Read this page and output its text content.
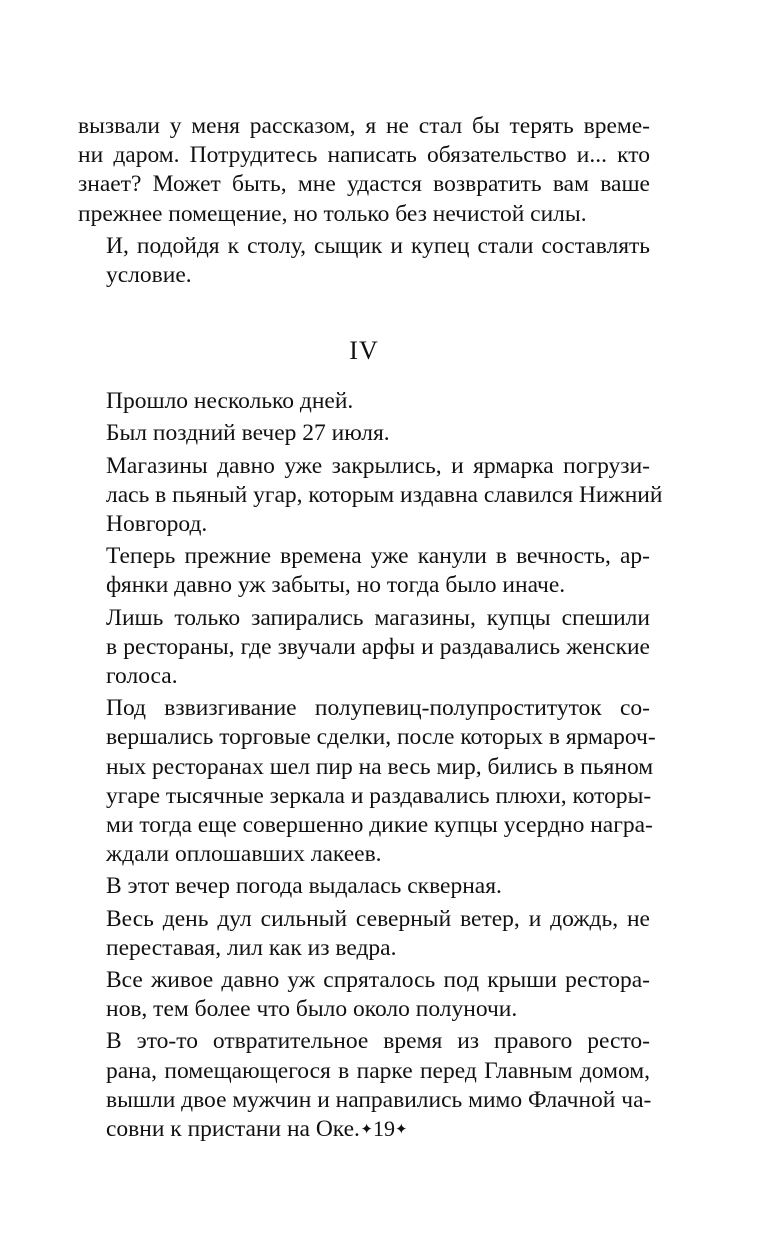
вызвали у меня рассказом, я не стал бы терять време-
ни даром. Потрудитесь написать обязательство и... кто
знает? Может быть, мне удастся возвратить вам ваше
прежнее помещение, но только без нечистой силы.

И, подойдя к столу, сыщик и купец стали составлять
условие.

IV

Прошло несколько дней.

Был поздний вечер 27 июля.

Магазины давно уже закрылись, и ярмарка погрузи-
лась в пьяный угар, которым издавна славился Нижний
Новгород.

Теперь прежние времена уже канули в вечность, ар-
фянки давно уж забыты, но тогда было иначе.

Лишь только запирались магазины, купцы спешили
в рестораны, где звучали арфы и раздавались женские
голоса.

Под взвизгивание полупевиц-полупроституток со-
вершались торговые сделки, после которых в ярмароч-
ных ресторанах шел пир на весь мир, бились в пьяном
угаре тысячные зеркала и раздавались плюхи, которы-
ми тогда еще совершенно дикие купцы усердно награ-
ждали оплошавших лакеев.

В этот вечер погода выдалась скверная.

Весь день дул сильный северный ветер, и дождь, не
переставая, лил как из ведра.

Все живое давно уж спряталось под крыши рестора-
нов, тем более что было около полуночи.

В это-то отвратительное время из правого ресто-
рана, помещающегося в парке перед Главным домом,
вышли двое мужчин и направились мимо Флачной ча-
совни к пристани на Оке. ✦19✦
